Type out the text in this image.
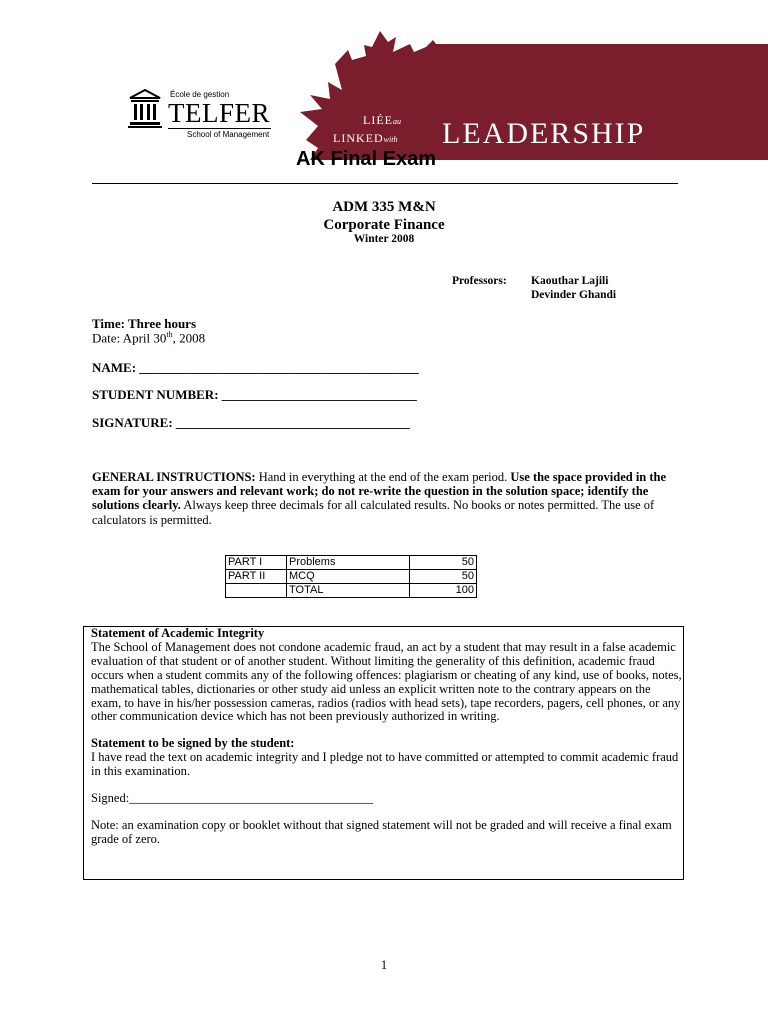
École de gestion
TELFER
School of Management
LIÉEau
LINKEDwith LEADERSHIP
AK Final Exam
ADM 335 M&N
Corporate Finance
Winter 2008
Professors: Kaouthar Lajili
Devinder Ghandi
Time: Three hours
Date: April 30th, 2008
NAME: ___________________________________________
STUDENT NUMBER: ______________________________
SIGNATURE: ____________________________________
GENERAL INSTRUCTIONS: Hand in everything at the end of the exam period. Use the space provided in the exam for your answers and relevant work; do not re-write the question in the solution space; identify the solutions clearly. Always keep three decimals for all calculated results. No books or notes permitted. The use of calculators is permitted.
PART I	Problems	50
PART II	MCQ	50
	TOTAL	100

Statement of Academic Integrity

The School of Management does not condone academic fraud, an act by a student that may result in a false academic evaluation of that student or of another student. Without limiting the generality of this definition, academic fraud occurs when a student commits any of the following offences: plagiarism or cheating of any kind, use of books, notes, mathematical tables, dictionaries or other study aid unless an explicit written note to the contrary appears on the exam, to have in his/her possession cameras, radios (radios with head sets), tape recorders, pagers, cell phones, or any other communication device which has not been previously authorized in writing.

Statement to be signed by the student:

I have read the text on academic integrity and I pledge not to have committed or attempted to commit academic fraud in this examination.

Signed:_______________________________________

Note: an examination copy or booklet without that signed statement will not be graded and will receive a final exam grade of zero.

1
